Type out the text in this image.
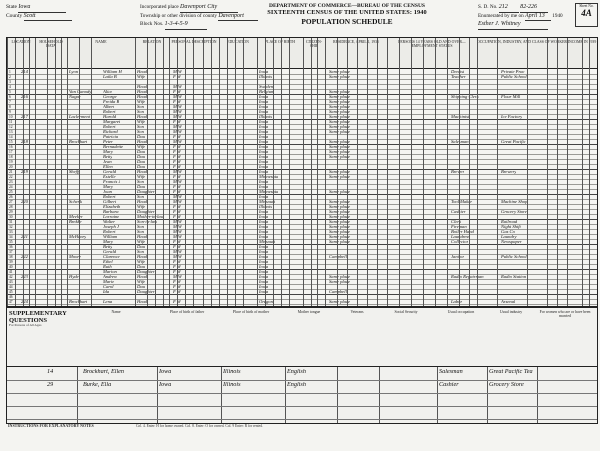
State Iowa
County Scott
Incorporated place Davenport City
Township or other division of county Davenport
Block Nos. 1-3-4-5-9
DEPARTMENT OF COMMERCE—BUREAU OF THE CENSUS
SIXTEENTH CENSUS OF THE UNITED STATES: 1940
POPULATION SCHEDULE
S. D. No. 212 82-226
Enumerated by me on April 13 1940
Esther J. Whitney
Sheet No.
4A
LOCATION	HOUSEHOLD DATA
NAME	RELATION	PERSONAL DESCRIPTION	EDUCATION	PLACE OF BIRTH	CITIZEN-SHIP
RESIDENCE, APRIL 1, 1935	PERSONS 14 YEARS OLD AND OVER—EMPLOYMENT STATUS
OCCUPATION, INDUSTRY, AND CLASS OF WORKER INCOME IN 1939
1 214	Lyon	William H	Head	M W	Iowa	Same place	Dentist	Private Prac
2	Laila B	Wife	F W	Illinois	Same place	Teacher	Public School
3
4	Head	M W	Sweden
5	Van Canody	Alice	Head	F W	Belgium	Same place
6 216	Nagar	George	Head	M W	Iowa	Same place	Shipping Clerk	Flour Mill
7	Freida B	Wife	F W	Iowa	Same place
8	Albert	Son	M W	Iowa	Same place
9	Robert	Son	M W	Iowa	Same place
10 217	Laclerment	Harold	Head	M W	Illinois	Same place	Machinist	Ice Factory
11	Margaret	Wife	F W	Iowa	Same place
12	Robert	Son	M W	Iowa	Same place
13	Richard	Son	M W	Iowa	Same place
14	Patricia	Dau	F W	Iowa
15 218	Brockhart	Peter	Head	M W	Iowa	Same place	Salesman	Great Pacific
16	Bernadette	Wife	F W	Iowa	Same place
17	Mary	Dau	F W	Iowa	Same place
18	Betty	Dau	F W	Iowa	Same place
19	Jean	Dau	F W	Iowa
20	Ellen	Dau	F W	Iowa
21 219	Sheffy	Gerald	Head	M W	Iowa	Same place	Brewer	Brewery
22	Estelle	Wife	F W	Minnesota	Same place
23	Francis J	Son	M W	Iowa
24	Mary	Dau	F W	Iowa
25	Joan	Daughter	F W	Minnesota	Same place
26	Robert	Son	M W	Iowa
27 220	Schenk	Gilbert	Head	M W	Missouri	Same place	Tool Maker	Machine Shop
28	Elizabeth	Wife	F W	Illinois	Same place
29	Barbara	Daughter	F W	Iowa	Same place	Cashier	Grocery Store
30	Meeker	Lorraine	Mother-in-law F W	Iowa	Same place
31	Brekke	Walter	Son-in-law	M W	Iowa	Same place	Clerk	Railroad
32	Joseph J	Son	M W	Iowa	Same place	Fireman	Night Shift
33	Robert	Son	M W	Iowa	Same place	Boiler Hand	Gas Co
34 221	McHenry	William	Head	M W	Iowa	Same place	Laundress	Laundry
35	Mary	Wife	F W	Missouri	Same place	Collector	Newspaper
36	Betty	Dau	F W	Iowa
37	Gerald	Son	M W	Iowa
38 222	Moore	Clarence	Head	M W	Iowa	Campbell	Janitor	Public School
39	Ethel	Wife	F W	Iowa
40	Ruth	Dau	F W	Iowa
41	Marion	Daughter	F W	Iowa
42 223	Hyde	Andrew	Head	M W	Iowa	Same place	Radio Repairman	Radio Station
43	Marie	Wife	F W	Iowa	Same place
44	Carol	Dau	F W	Iowa
45	Ida	Daughter	F W	Iowa	Campbell
46
47 224	Brockhart	Lena	Head	F W	Oregon	Same place	Labor	Arsenal
SUPPLEMENTARY QUESTIONS
For Persons of All Ages
Name	Place of birth of father	Place of birth of mother	Mother tongue	Veterans	Social Security	Usual occupation	Usual industry	For women who are or have been married
14	Brockhart, Ellen	Iowa	Illinois	English	Salesman	Great Pacific Tea
29	Burke, Ella	Iowa	Illinois	English	Cashier	Grocery Store
INSTRUCTIONS FOR EXPLANATORY NOTES	Col. 4. Enter: H for home owned. Col. 8. Enter: O for owned. Col. 9 Enter: R for rented.
